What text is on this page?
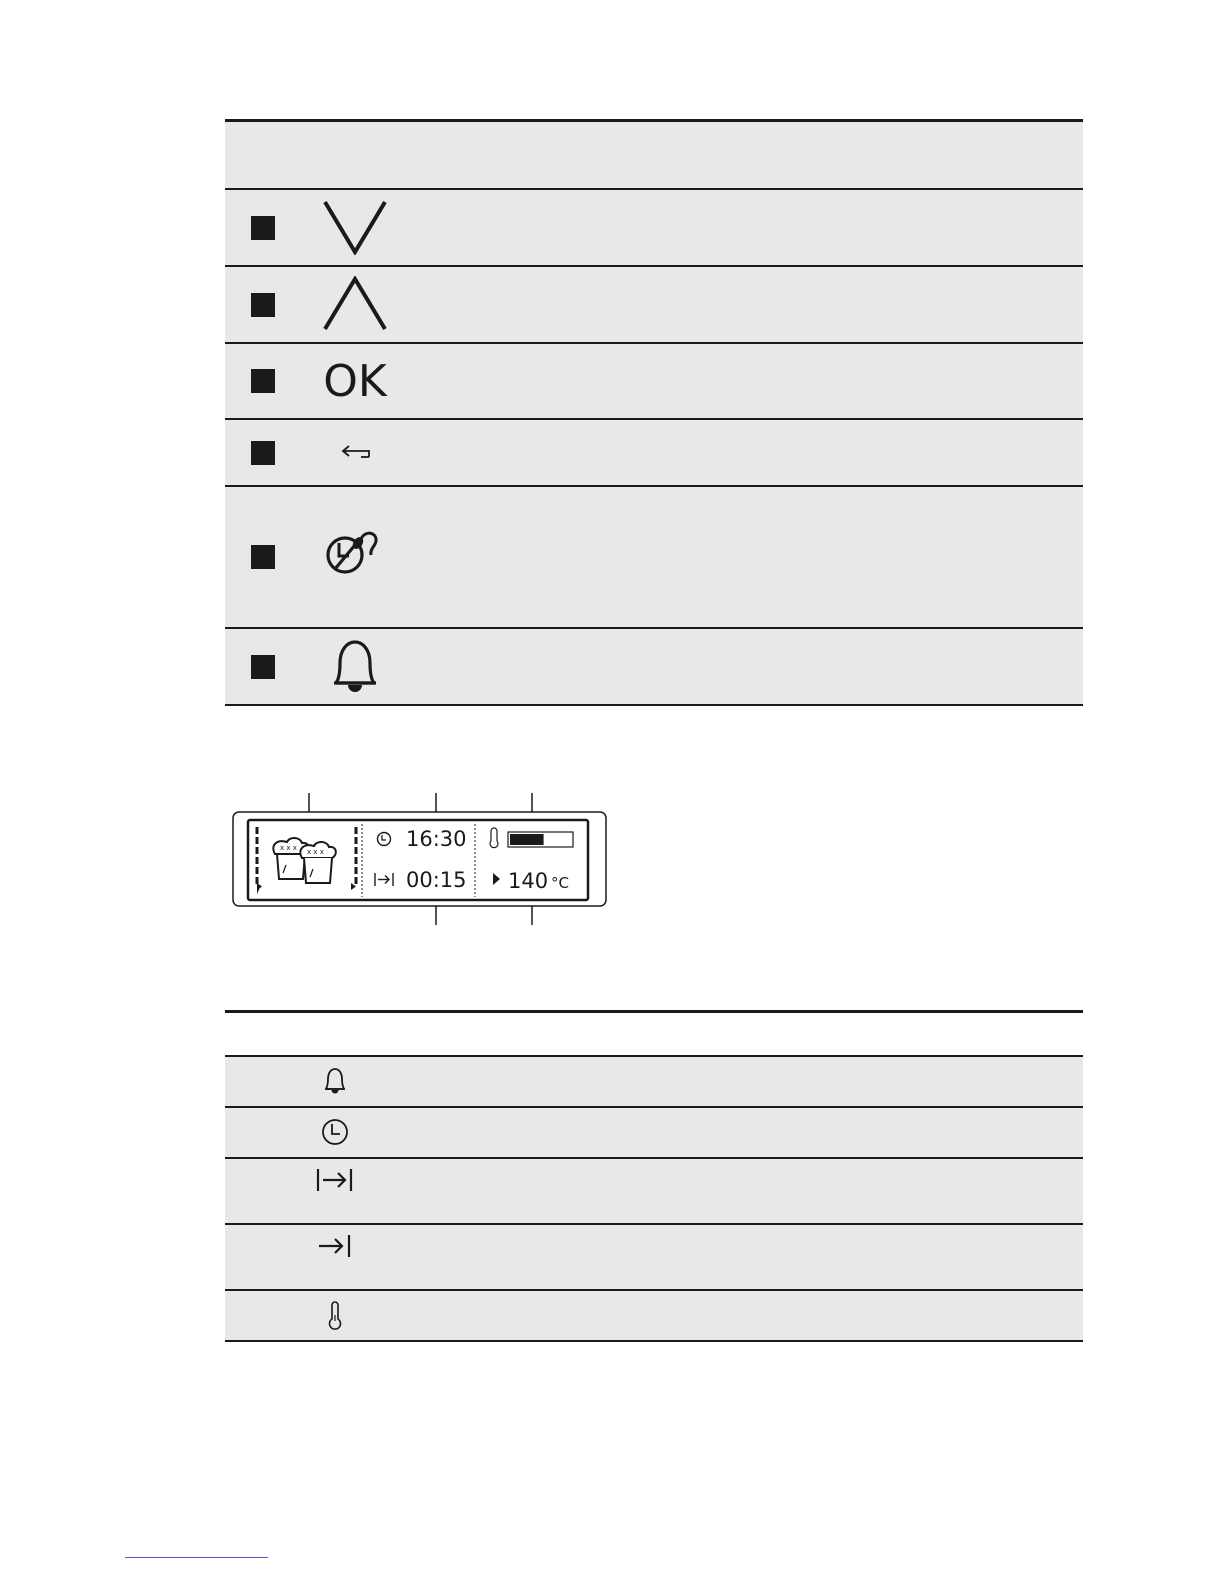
OK
x x x x x x
16:30
00:15 140 °C
